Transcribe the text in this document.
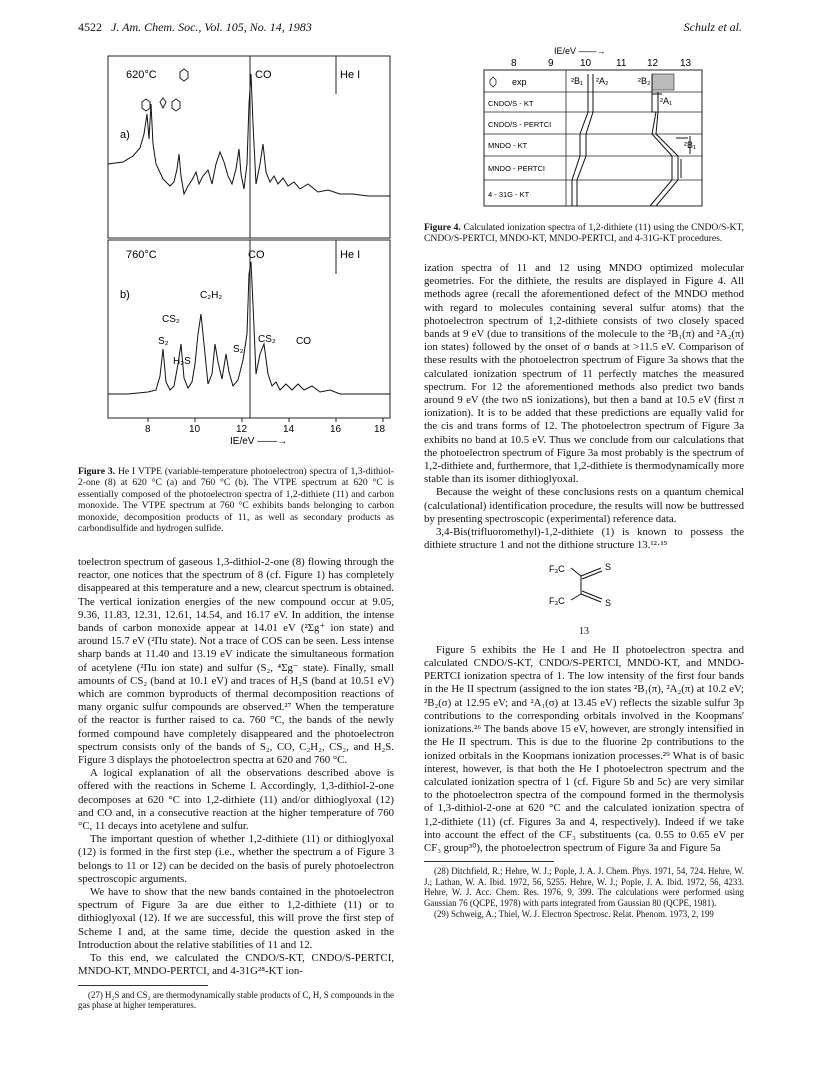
4522 J. Am. Chem. Soc., Vol. 105, No. 14, 1983	Schulz et al.
620°C	CO	He I
a)
760°C	CO	He I
b)	C₂H₂
CS₂
S₂
H₂S
S₂
CS₂ CO
8	10	12	14	16	18
IE/eV ——→
Figure 3. He I VTPE (variable-temperature photoelectron) spectra of 1,3-dithiol-2-one (8) at 620 °C (a) and 760 °C (b). The VTPE spectrum at 620 °C is essentially composed of the photoelectron spectra of 1,2-dithiete (11) and carbon monoxide. The VTPE spectrum at 760 °C exhibits bands belonging to carbon monoxide, decomposition products of 11, as well as secondary products as carbondisulfide and hydrogen sulfide.

toelectron spectrum of gaseous 1,3-dithiol-2-one (8) flowing through the reactor, one notices that the spectrum of 8 (cf. Figure 1) has completely disappeared at this temperature and a new, clearcut spectrum is obtained. The vertical ionization energies of the new compound occur at 9.05, 9.36, 11.83, 12.31, 12.61, 14.54, and 16.17 eV. In addition, the intense bands of carbon monoxide appear at 14.01 eV (²Σg⁺ ion state) and around 15.7 eV (²Πu state). Not a trace of COS can be seen. Less intense sharp bands at 11.40 and 13.19 eV indicate the simultaneous formation of acetylene (²Πu ion state) and sulfur (S₂, ⁴Σg⁻ state). Finally, small amounts of CS₂ (band at 10.1 eV) and traces of H₂S (band at 10.51 eV) which are common byproducts of thermal decomposition reactions of many organic sulfur compounds are observed.²⁷ When the temperature of the reactor is further raised to ca. 760 °C, the bands of the newly formed compound have completely disappeared and the photoelectron spectrum consists only of the bands of S₂, CO, C₂H₂, CS₂, and H₂S. Figure 3 displays the photoelectron spectra at 620 and 760 °C.

A logical explanation of all the observations described above is offered with the reactions in Scheme I. Accordingly, 1,3-dithiol-2-one decomposes at 620 °C into 1,2-dithiete (11) and/or dithioglyoxal (12) and CO and, in a consecutive reaction at the higher temperature of 760 °C, 11 decays into acetylene and sulfur.

The important question of whether 1,2-dithiete (11) or dithioglyoxal (12) is formed in the first step (i.e., whether the spectrum a of Figure 3 belongs to 11 or 12) can be decided on the basis of purely photoelectron spectroscopic arguments.

We have to show that the new bands contained in the photoelectron spectrum of Figure 3a are due either to 1,2-dithiete (11) or to dithioglyoxal (12). If we are successful, this will prove the first step of Scheme I and, at the same time, decide the question asked in the Introduction about the relative stabilities of 11 and 12.

To this end, we calculated the CNDO/S-KT, CNDO/S-PERTCI, MNDO-KT, MNDO-PERTCI, and 4-31G²⁸-KT ion-

(27) H₂S and CS₂ are thermodynamically stable products of C, H, S compounds in the gas phase at higher temperatures.

IE/eV ——→
8	9	10 11 12 13
exp
CNDO/S - KT
CNDO/S - PERTCI
MNDO - KT
MNDO - PERTCI
4 - 31G - KT
²B₁ ²A₂	²B₂
²A₁
²B₁
Figure 4. Calculated ionization spectra of 1,2-dithiete (11) using the CNDO/S-KT, CNDO/S-PERTCI, MNDO-KT, MNDO-PERTCI, and 4-31G-KT procedures.

ization spectra of 11 and 12 using MNDO optimized molecular geometries. For the dithiete, the results are displayed in Figure 4. All methods agree (recall the aforementioned defect of the MNDO method with regard to molecules containing several sulfur atoms) that the photoelectron spectrum of 1,2-dithiete consists of two closely spaced bands at 9 eV (due to transitions of the molecule to the ²B₁(π) and ²A₂(π) ion states) followed by the onset of σ bands at >11.5 eV. Comparison of these results with the photoelectron spectrum of Figure 3a shows that the calculated ionization spectrum of 11 perfectly matches the measured spectrum. For 12 the aforementioned methods also predict two bands around 9 eV (the two nS ionizations), but then a band at 10.5 eV (first π ionization). It is to be added that these predictions are equally valid for the cis and trans forms of 12. The photoelectron spectrum of Figure 3a exhibits no band at 10.5 eV. Thus we conclude from our calculations that the photoelectron spectrum of Figure 3a most probably is the spectrum of 1,2-dithiete and, furthermore, that 1,2-dithiete is thermodynamically more stable than its isomer dithioglyoxal.

Because the weight of these conclusions rests on a quantum chemical (calculational) identification procedure, the results will now be buttressed by presenting spectroscopic (experimental) reference data.

3,4-Bis(trifluoromethyl)-1,2-dithiete (1) is known to possess the dithiete structure 1 and not the dithione structure 13.¹²·¹⁵

F₃C	S
F₃C	S
13

Figure 5 exhibits the He I and He II photoelectron spectra and calculated CNDO/S-KT, CNDO/S-PERTCI, MNDO-KT, and MNDO-PERTCI ionization spectra of 1. The low intensity of the first four bands in the He II spectrum (assigned to the ion states ²B₁(π), ²A₂(π) at 10.2 eV; ²B₂(σ) at 12.95 eV; and ²A₁(σ) at 13.45 eV) reflects the sizable sulfur 3p contributions to the corresponding orbitals involved in the Koopmans' ionizations.²⁶ The bands above 15 eV, however, are strongly intensified in the He II spectrum. This is due to the fluorine 2p contributions to the ionized orbitals in the Koopmans ionization processes.²⁹ What is of basic interest, however, is that both the He I photoelectron spectrum and the calculated ionization spectra of 1 (cf. Figure 5b and 5c) are very similar to the photoelectron spectra of the compound formed in the thermolysis of 1,3-dithiol-2-one at 620 °C and the calculated ionization spectra of 1,2-dithiete (11) (cf. Figures 3a and 4, respectively). Indeed if we take into account the effect of the CF₃ substituents (ca. 0.55 to 0.65 eV per CF₃ group³⁰), the photoelectron spectrum of Figure 3a and Figure 5a

(28) Ditchfield, R.; Hehre, W. J.; Pople, J. A. J. Chem. Phys. 1971, 54, 724. Hehre, W. J.; Lathan, W. A. Ibid. 1972, 56, 5255. Hehre, W. J.; Pople, J. A. Ibid. 1972, 56, 4233. Hehre, W. J. Acc. Chem. Res. 1976, 9, 399. The calculations were performed using Gaussian 76 (QCPE, 1978) with parts integrated from Gaussian 80 (QCPE, 1981).

(29) Schweig, A.; Thiel, W. J. Electron Spectrosc. Relat. Phenom. 1973, 2, 199
